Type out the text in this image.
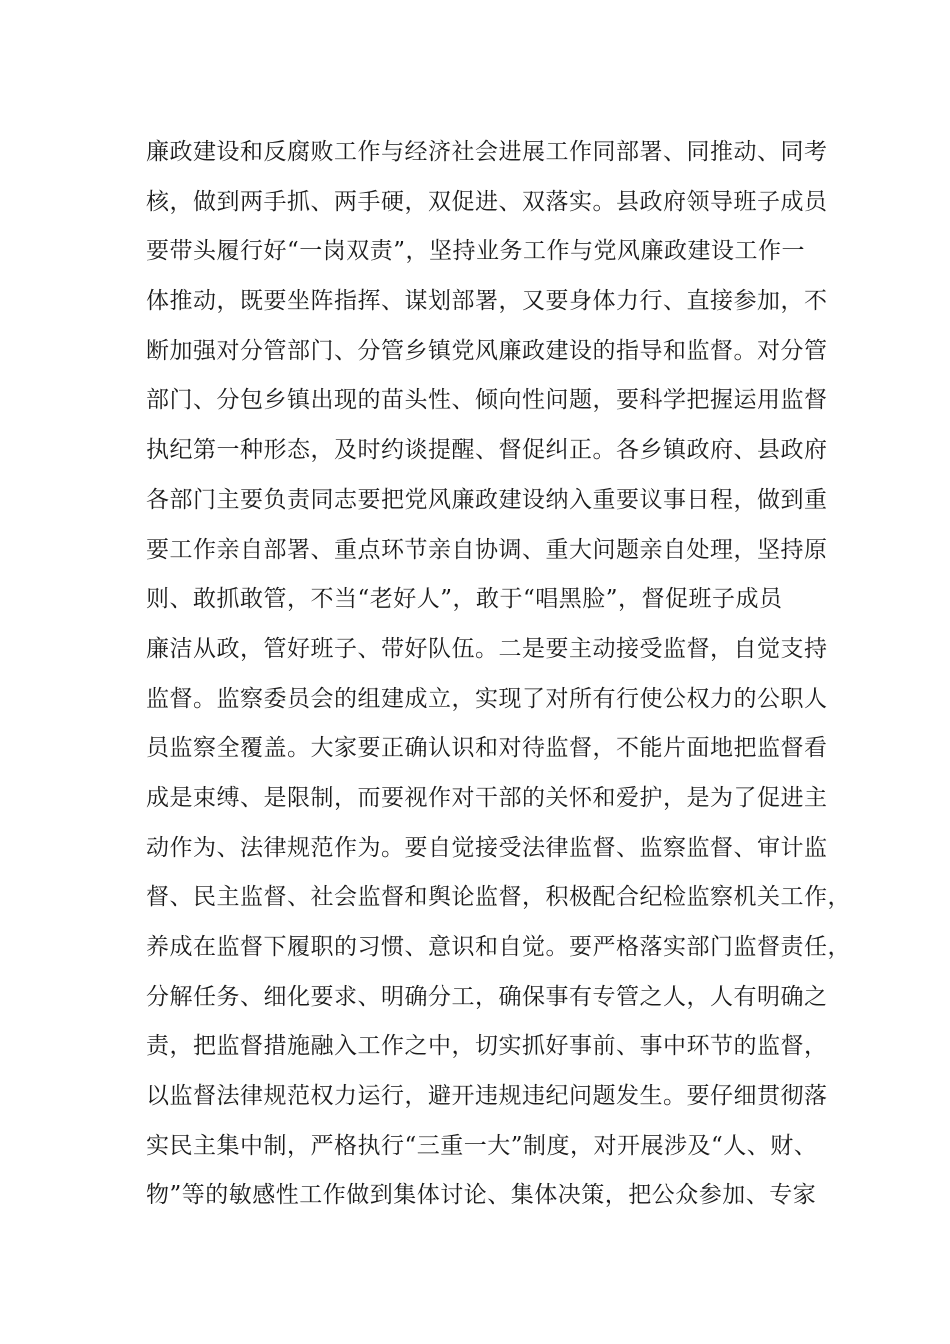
廉政建设和反腐败工作与经济社会进展工作同部署、同推动、同考
核，做到两手抓、两手硬，双促进、双落实。县政府领导班子成员
要带头履行好“一岗双责”，坚持业务工作与党风廉政建设工作一
体推动，既要坐阵指挥、谋划部署，又要身体力行、直接参加，不
断加强对分管部门、分管乡镇党风廉政建设的指导和监督。对分管
部门、分包乡镇出现的苗头性、倾向性问题，要科学把握运用监督
执纪第一种形态，及时约谈提醒、督促纠正。各乡镇政府、县政府
各部门主要负责同志要把党风廉政建设纳入重要议事日程，做到重
要工作亲自部署、重点环节亲自协调、重大问题亲自处理，坚持原
则、敢抓敢管，不当“老好人”，敢于“唱黑脸”，督促班子成员
廉洁从政，管好班子、带好队伍。二是要主动接受监督，自觉支持
监督。监察委员会的组建成立，实现了对所有行使公权力的公职人
员监察全覆盖。大家要正确认识和对待监督，不能片面地把监督看
成是束缚、是限制，而要视作对干部的关怀和爱护，是为了促进主
动作为、法律规范作为。要自觉接受法律监督、监察监督、审计监
督、民主监督、社会监督和舆论监督，积极配合纪检监察机关工作，
养成在监督下履职的习惯、意识和自觉。要严格落实部门监督责任，
分解任务、细化要求、明确分工，确保事有专管之人，人有明确之
责，把监督措施融入工作之中，切实抓好事前、事中环节的监督，
以监督法律规范权力运行，避开违规违纪问题发生。要仔细贯彻落
实民主集中制，严格执行“三重一大”制度，对开展涉及“人、财、
物”等的敏感性工作做到集体讨论、集体决策，把公众参加、专家
